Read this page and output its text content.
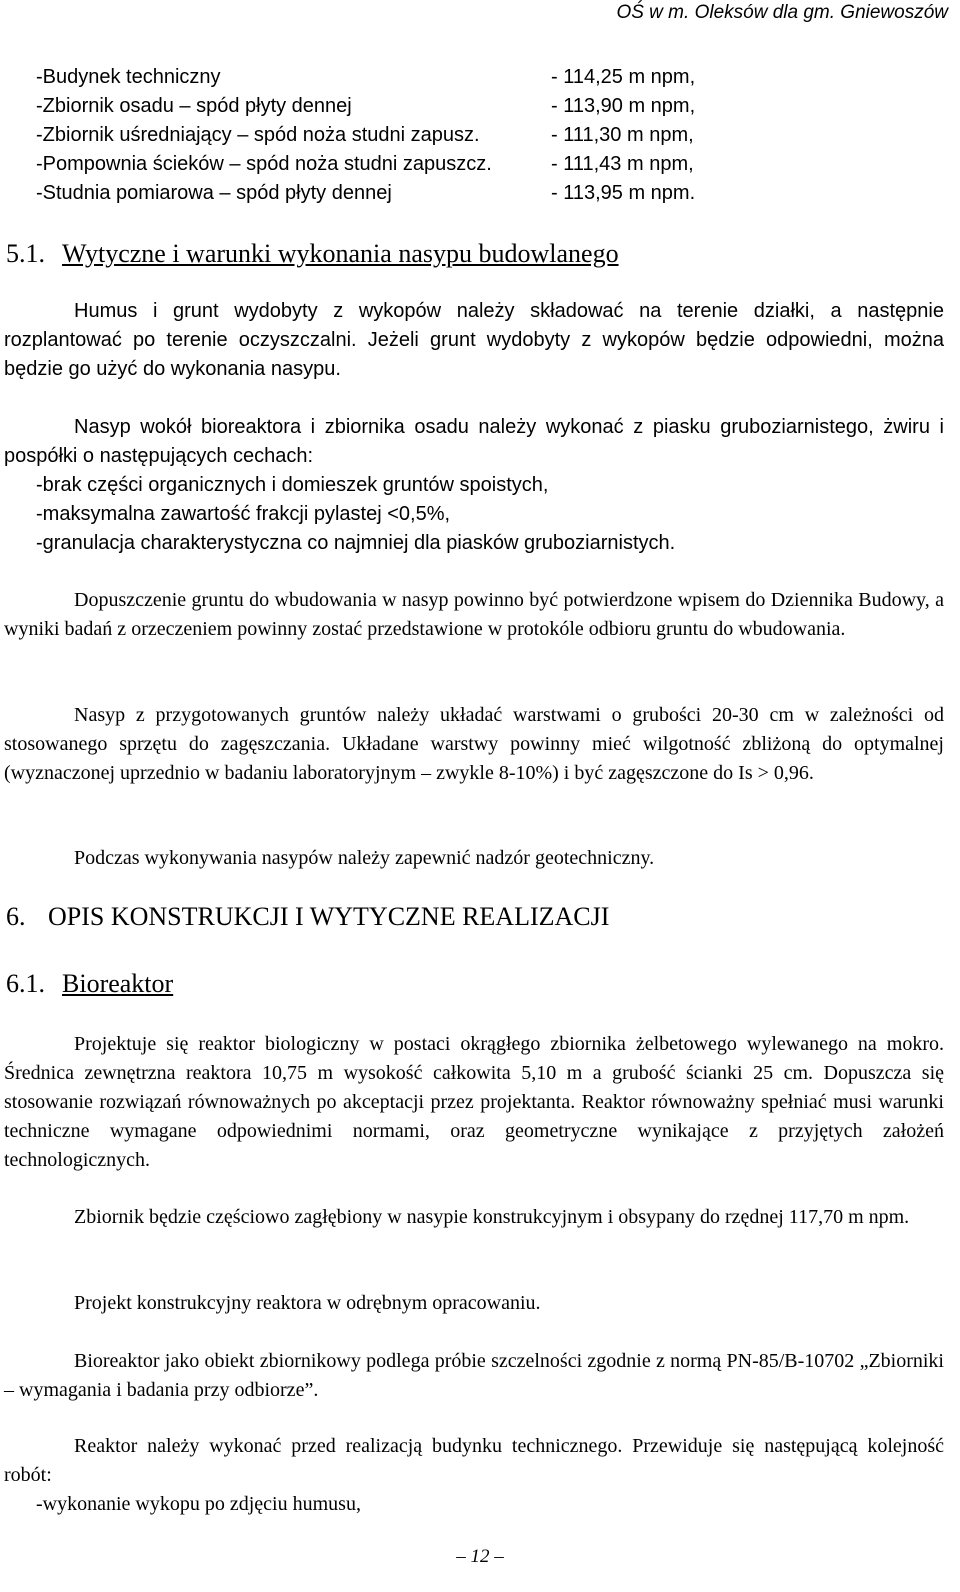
OŚ w m. Oleksów dla gm. Gniewoszów
-Budynek techniczny	- 114,25 m npm,
-Zbiornik osadu – spód płyty dennej	- 113,90 m npm,
-Zbiornik uśredniający – spód noża studni zapusz.	- 111,30 m npm,
-Pompownia ścieków – spód noża studni zapuszcz.	- 111,43 m npm,
-Studnia pomiarowa – spód płyty dennej	- 113,95 m npm.
5.1. Wytyczne i warunki wykonania nasypu budowlanego

Humus i grunt wydobyty z wykopów należy składować na terenie działki, a następnie rozplantować po terenie oczyszczalni. Jeżeli grunt wydobyty z wykopów będzie odpowiedni, można będzie go użyć do wykonania nasypu.

Nasyp wokół bioreaktora i zbiornika osadu należy wykonać z piasku gruboziarnistego, żwiru i pospółki o następujących cechach:

-brak części organicznych i domieszek gruntów spoistych,
-maksymalna zawartość frakcji pylastej <0,5%,
-granulacja charakterystyczna co najmniej dla piasków gruboziarnistych.

Dopuszczenie gruntu do wbudowania w nasyp powinno być potwierdzone wpisem do Dziennika Budowy, a wyniki badań z orzeczeniem powinny zostać przedstawione w protokóle odbioru gruntu do wbudowania.

Nasyp z przygotowanych gruntów należy układać warstwami o grubości 20-30 cm w zależności od stosowanego sprzętu do zagęszczania. Układane warstwy powinny mieć wilgotność zbliżoną do optymalnej (wyznaczonej uprzednio w badaniu laboratoryjnym – zwykle 8-10%) i być zagęszczone do Is > 0,96.

Podczas wykonywania nasypów należy zapewnić nadzór geotechniczny.

6. OPIS KONSTRUKCJI I WYTYCZNE REALIZACJI
6.1. Bioreaktor

Projektuje się reaktor biologiczny w postaci okrągłego zbiornika żelbetowego wylewanego na mokro. Średnica zewnętrzna reaktora 10,75 m wysokość całkowita 5,10 m a grubość ścianki 25 cm. Dopuszcza się stosowanie rozwiązań równoważnych po akceptacji przez projektanta. Reaktor równoważny spełniać musi warunki techniczne wymagane odpowiednimi normami, oraz geometryczne wynikające z przyjętych założeń technologicznych.

Zbiornik będzie częściowo zagłębiony w nasypie konstrukcyjnym i obsypany do rzędnej 117,70 m npm.

Projekt konstrukcyjny reaktora w odrębnym opracowaniu.

Bioreaktor jako obiekt zbiornikowy podlega próbie szczelności zgodnie z normą PN-85/B-10702 „Zbiorniki – wymagania i badania przy odbiorze”.

Reaktor należy wykonać przed realizacją budynku technicznego. Przewiduje się następującą kolejność robót:

-wykonanie wykopu po zdjęciu humusu,
– 12 –
